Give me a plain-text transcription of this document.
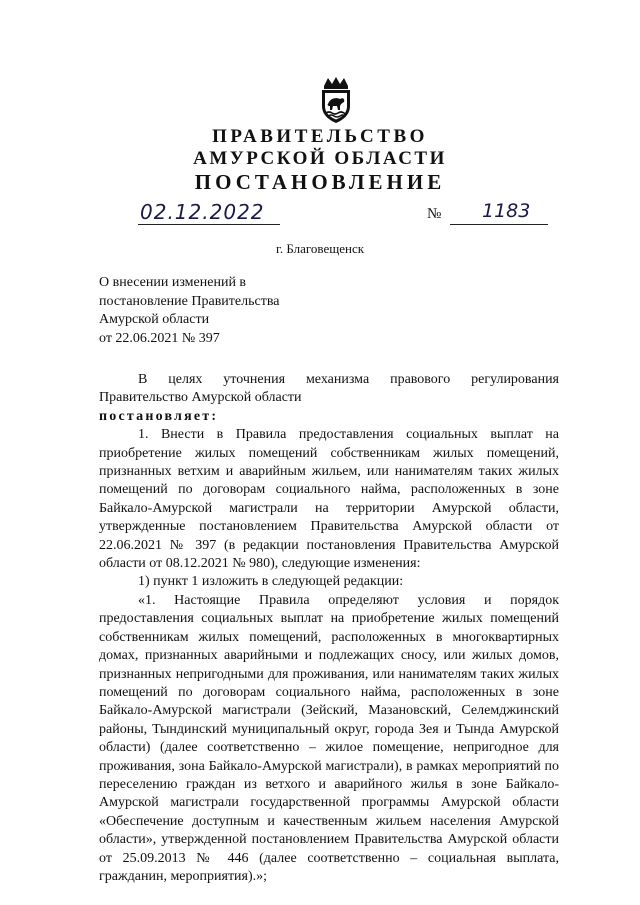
ПРАВИТЕЛЬСТВО
АМУРСКОЙ ОБЛАСТИ
ПОСТАНОВЛЕНИЕ
02.12.2022	№ 1183
г. Благовещенск
О внесении изменений в
постановление Правительства
Амурской области
от 22.06.2021 № 397

В целях уточнения механизма правового регулирования Правительство Амурской области

постановляет:

1. Внести в Правила предоставления социальных выплат на приобретение жилых помещений собственникам жилых помещений, признанных ветхим и аварийным жильем, или нанимателям таких жилых помещений по договорам социального найма, расположенных в зоне Байкало-Амурской магистрали на территории Амурской области, утвержденные постановлением Правительства Амурской области от 22.06.2021 № 397 (в редакции постановления Правительства Амурской области от 08.12.2021 № 980), следующие изменения:

1) пункт 1 изложить в следующей редакции:

«1. Настоящие Правила определяют условия и порядок предоставления социальных выплат на приобретение жилых помещений собственникам жилых помещений, расположенных в многоквартирных домах, признанных аварийными и подлежащих сносу, или жилых домов, признанных непригодными для проживания, или нанимателям таких жилых помещений по договорам социального найма, расположенных в зоне Байкало-Амурской магистрали (Зейский, Мазановский, Селемджинский районы, Тындинский муниципальный округ, города Зея и Тында Амурской области) (далее соответственно – жилое помещение, непригодное для проживания, зона Байкало-Амурской магистрали), в рамках мероприятий по переселению граждан из ветхого и аварийного жилья в зоне Байкало-Амурской магистрали государственной программы Амурской области «Обеспечение доступным и качественным жильем населения Амурской области», утвержденной постановлением Правительства Амурской области от 25.09.2013 № 446 (далее соответственно – социальная выплата, гражданин, мероприятия).»;
